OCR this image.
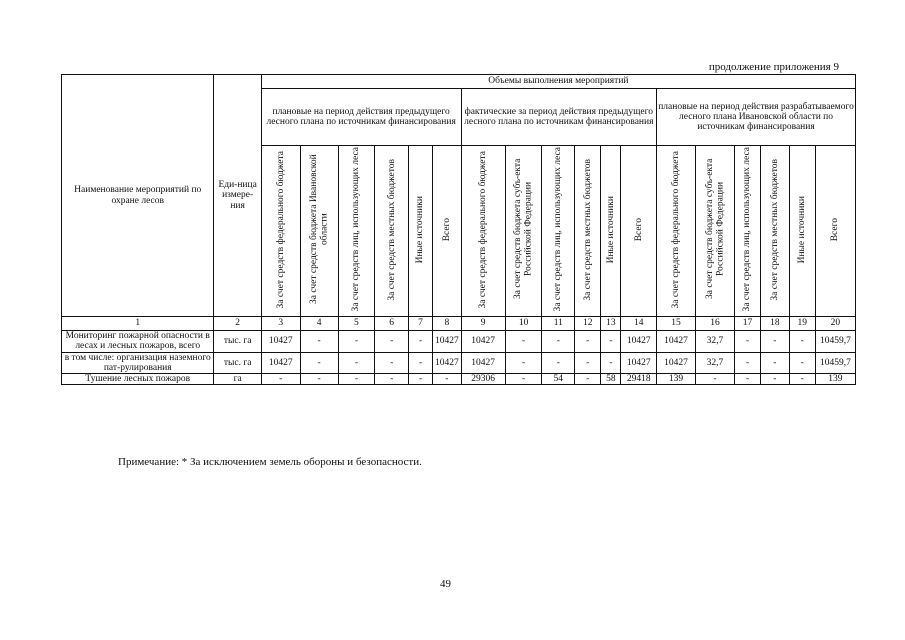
продолжение приложения 9
Наименование мероприятий по охране лесов	Еди-ница измере-ния	Объемы выполнения мероприятий																	
		плановые на период действия предыдущего лесного плана по источникам финансирования						фактические за период действия предыдущего лесного плана по источникам финансирования						плановые на период действия разрабатываемого лесного плана Ивановской области по источникам финансирования					
		За счет средств федерального бюджета	За счет средств бюджета Ивановской области	За счет средств лиц, использующих леса	За счет средств местных бюджетов	Иные источники	Всего	За счет средств федерального бюджета	За счет средств бюджета субъ-екта Российской Федерации	За счет средств лиц, использующих леса	За счет средств местных бюджетов	Иные источники	Всего	За счет средств федерального бюджета	За счет средств бюджета субъ-екта Российской Федерации	За счет средств лиц, использующих леса	За счет средств местных бюджетов	Иные источники	Всего
1	2	3	4	5	6	7	8	9	10	11	12	13	14	15	16	17	18	19	20
Мониторинг пожарной опасности в лесах и лесных пожаров, всего	тыс. га	10427	-	-	-	-	10427	10427	-	-	-	-	10427	10427	32,7	-	-	-	10459,7
в том числе: организация наземного пат-рулирования	тыс. га	10427	-	-	-	-	10427	10427	-	-	-	-	10427	10427	32,7	-	-	-	10459,7
Тушение лесных пожаров	га	-	-	-	-	-	-	29306	-	54	-	58	29418	139	-	-	-	-	139
Примечание: * За исключением земель обороны и безопасности.
49
